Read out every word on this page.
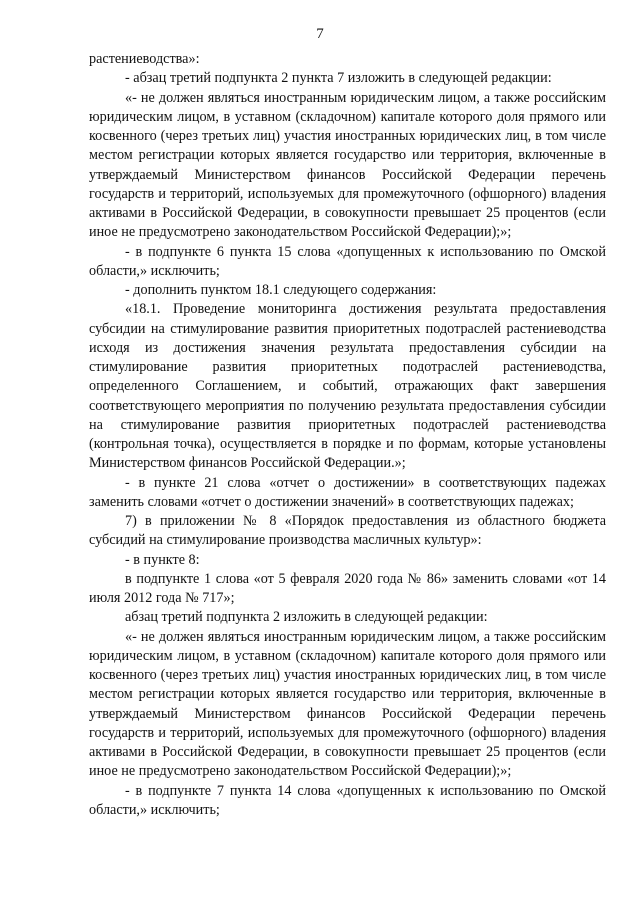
7

растениеводства»:

- абзац третий подпункта 2 пункта 7 изложить в следующей редакции:

«- не должен являться иностранным юридическим лицом, а также российским юридическим лицом, в уставном (складочном) капитале которого доля прямого или косвенного (через третьих лиц) участия иностранных юридических лиц, в том числе местом регистрации которых является государство или территория, включенные в утверждаемый Министерством финансов Российской Федерации перечень государств и территорий, используемых для промежуточного (офшорного) владения активами в Российской Федерации, в совокупности превышает 25 процентов (если иное не предусмотрено законодательством Российской Федерации);»;

- в подпункте 6 пункта 15 слова «допущенных к использованию по Омской области,» исключить;

- дополнить пунктом 18.1 следующего содержания:

«18.1. Проведение мониторинга достижения результата предоставления субсидии на стимулирование развития приоритетных подотраслей растениеводства исходя из достижения значения результата предоставления субсидии на стимулирование развития приоритетных подотраслей растениеводства, определенного Соглашением, и событий, отражающих факт завершения соответствующего мероприятия по получению результата предоставления субсидии на стимулирование развития приоритетных подотраслей растениеводства (контрольная точка), осуществляется в порядке и по формам, которые установлены Министерством финансов Российской Федерации.»;

- в пункте 21 слова «отчет о достижении» в соответствующих падежах заменить словами «отчет о достижении значений» в соответствующих падежах;

7) в приложении № 8 «Порядок предоставления из областного бюджета субсидий на стимулирование производства масличных культур»:

- в пункте 8:

в подпункте 1 слова «от 5 февраля 2020 года № 86» заменить словами «от 14 июля 2012 года № 717»;

абзац третий подпункта 2 изложить в следующей редакции:

«- не должен являться иностранным юридическим лицом, а также российским юридическим лицом, в уставном (складочном) капитале которого доля прямого или косвенного (через третьих лиц) участия иностранных юридических лиц, в том числе местом регистрации которых является государство или территория, включенные в утверждаемый Министерством финансов Российской Федерации перечень государств и территорий, используемых для промежуточного (офшорного) владения активами в Российской Федерации, в совокупности превышает 25 процентов (если иное не предусмотрено законодательством Российской Федерации);»;

- в подпункте 7 пункта 14 слова «допущенных к использованию по Омской области,» исключить;
